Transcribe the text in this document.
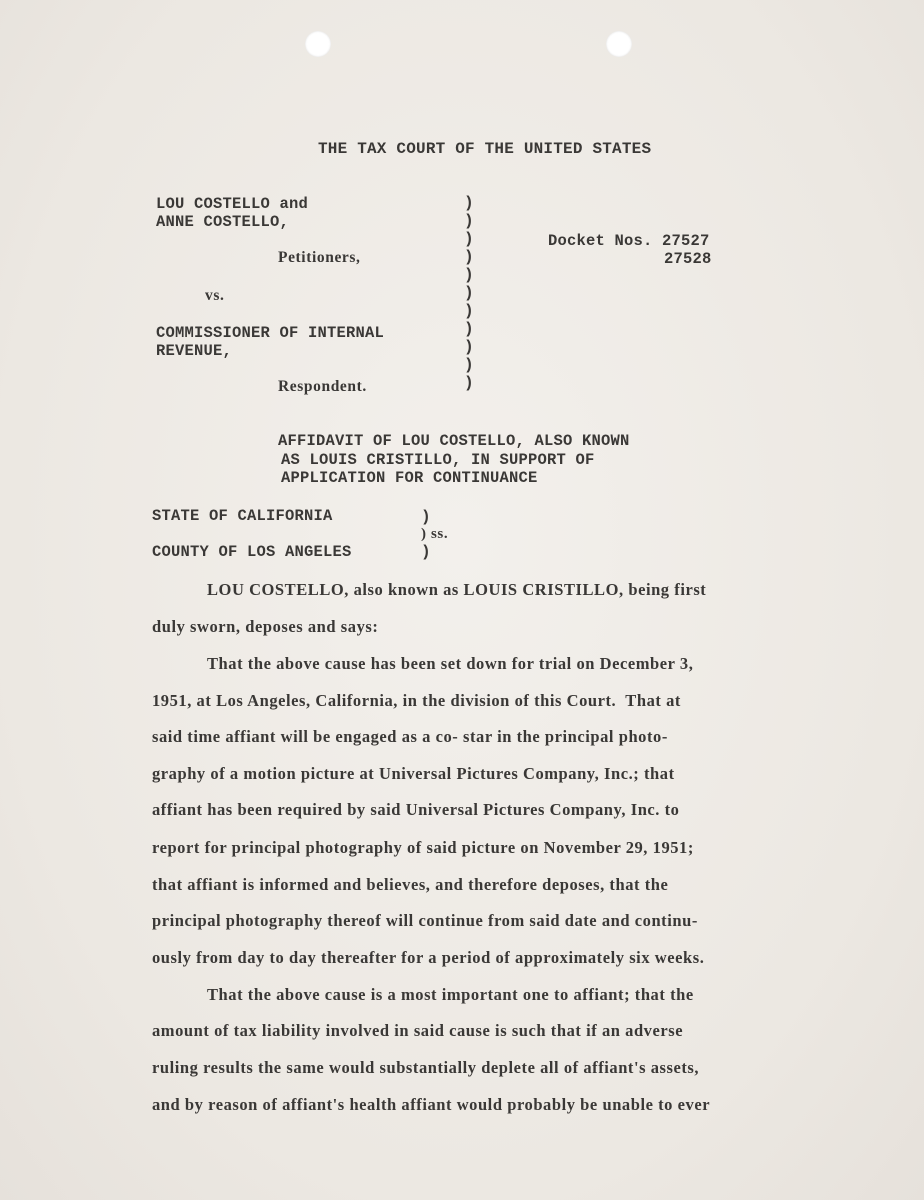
THE TAX COURT OF THE UNITED STATES
LOU COSTELLO and
ANNE COSTELLO,
Petitioners,
vs.
COMMISSIONER OF INTERNAL
REVENUE,
Respondent.
)
)
)
)
)
)
)
)
)
)
)
Docket Nos. 27527
27528
AFFIDAVIT OF LOU COSTELLO, ALSO KNOWN
AS LOUIS CRISTILLO, IN SUPPORT OF
APPLICATION FOR CONTINUANCE
STATE OF CALIFORNIA	)
) ss.
COUNTY OF LOS ANGELES	)
LOU COSTELLO, also known as LOUIS CRISTILLO, being first
duly sworn, deposes and says:
That the above cause has been set down for trial on December 3,
1951, at Los Angeles, California, in the division of this Court.  That at
said time affiant will be engaged as a co- star in the principal photo-
graphy of a motion picture at Universal Pictures Company, Inc.; that
affiant has been required by said Universal Pictures Company, Inc. to
report for principal photography of said picture on November 29, 1951;
that affiant is informed and believes, and therefore deposes, that the
principal photography thereof will continue from said date and continu-
ously from day to day thereafter for a period of approximately six weeks.
That the above cause is a most important one to affiant; that the
amount of tax liability involved in said cause is such that if an adverse
ruling results the same would substantially deplete all of affiant's assets,
and by reason of affiant's health affiant would probably be unable to ever
